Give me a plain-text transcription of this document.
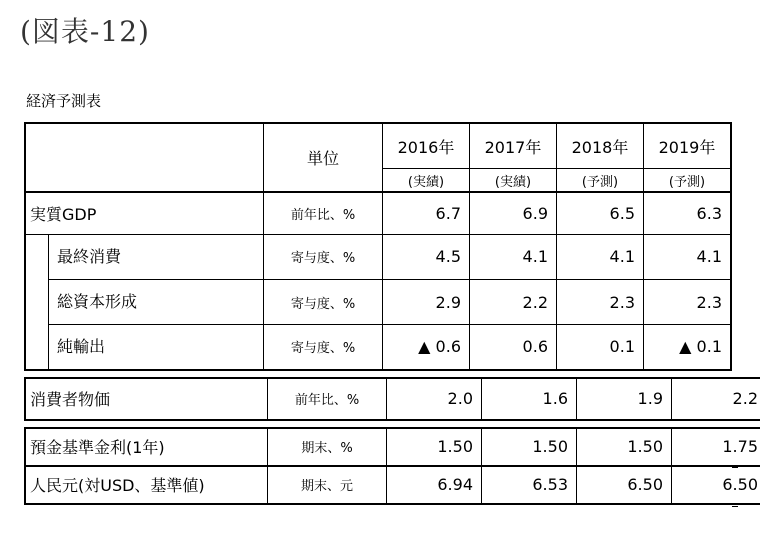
(図表-12)
経済予測表
	単位	2016年	2017年	2018年	2019年
		(実績)	(実績)	(予測)	(予測)
実質GDP	前年比、%	6.7	6.9	6.5	6.3

最終消費	寄与度、%	4.5	4.1	4.1	4.1

総資本形成	寄与度、%	2.9	2.2	2.3	2.3

純輸出	寄与度、%	▲ 0.6	0.6	0.1	▲ 0.1
消費者物価	前年比、%	2.0	1.6	1.9	2.2
預金基準金利(1年)	期末、%	1.50	1.50	1.50	1.75
人民元(対USD、基準値)	期末、元	6.94	6.53	6.50	6.50
